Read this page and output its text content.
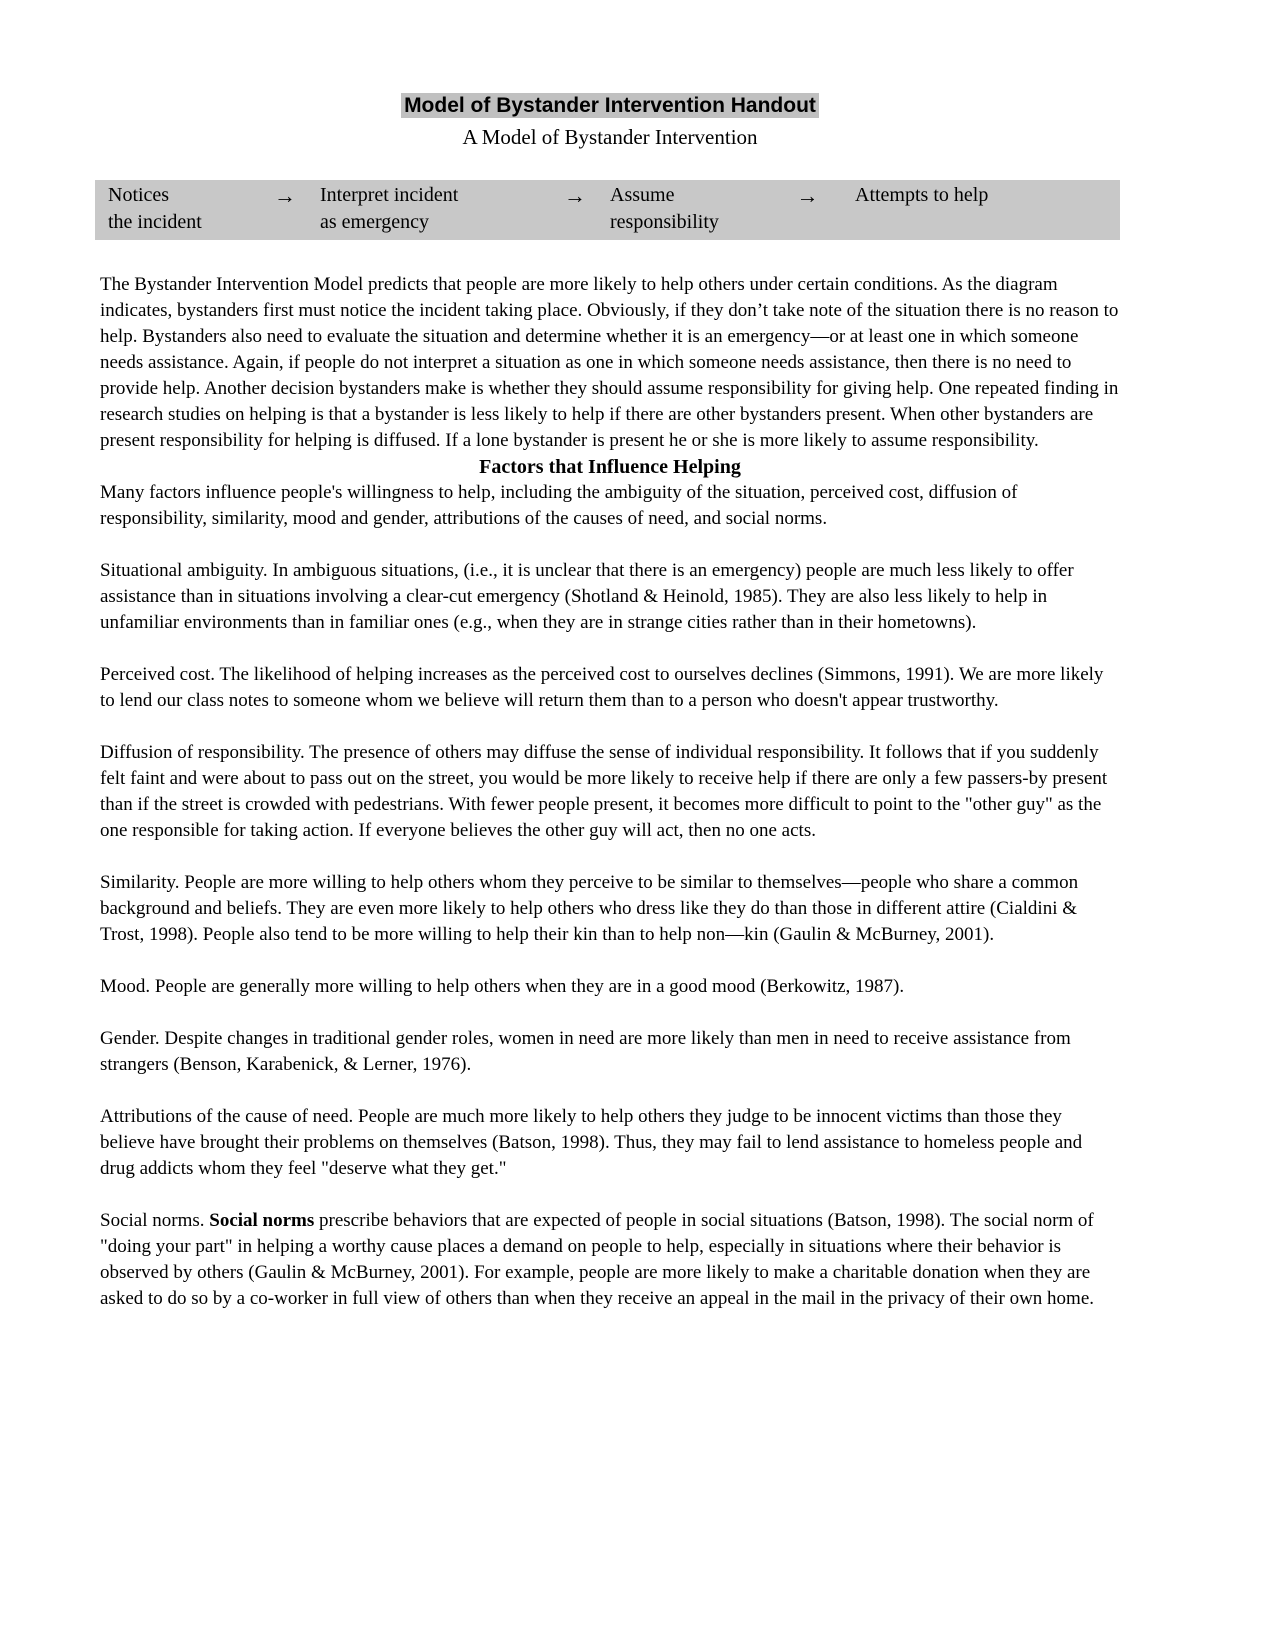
Model of Bystander Intervention Handout
A Model of Bystander Intervention
Notices
the incident
→	Interpret incident
as emergency
→	Assume
responsibility
→	Attempts to help

The Bystander Intervention Model predicts that people are more likely to help others under certain conditions. As the diagram indicates, bystanders first must notice the incident taking place. Obviously, if they don’t take note of the situation there is no reason to help. Bystanders also need to evaluate the situation and determine whether it is an emergency—or at least one in which someone needs assistance. Again, if people do not interpret a situation as one in which someone needs assistance, then there is no need to provide help. Another decision bystanders make is whether they should assume responsibility for giving help. One repeated finding in research studies on helping is that a bystander is less likely to help if there are other bystanders present. When other bystanders are present responsibility for helping is diffused. If a lone bystander is present he or she is more likely to assume responsibility.

Factors that Influence Helping

Many factors influence people's willingness to help, including the ambiguity of the situation, perceived cost, diffusion of responsibility, similarity, mood and gender, attributions of the causes of need, and social norms.

Situational ambiguity. In ambiguous situations, (i.e., it is unclear that there is an emergency) people are much less likely to offer assistance than in situations involving a clear-cut emergency (Shotland & Heinold, 1985). They are also less likely to help in unfamiliar environments than in familiar ones (e.g., when they are in strange cities rather than in their hometowns).

Perceived cost. The likelihood of helping increases as the perceived cost to ourselves declines (Simmons, 1991). We are more likely to lend our class notes to someone whom we believe will return them than to a person who doesn't appear trustworthy.

Diffusion of responsibility. The presence of others may diffuse the sense of individual responsibility. It follows that if you suddenly felt faint and were about to pass out on the street, you would be more likely to receive help if there are only a few passers-by present than if the street is crowded with pedestrians. With fewer people present, it becomes more difficult to point to the "other guy" as the one responsible for taking action. If everyone believes the other guy will act, then no one acts.

Similarity. People are more willing to help others whom they perceive to be similar to themselves—people who share a common background and beliefs. They are even more likely to help others who dress like they do than those in different attire (Cialdini & Trost, 1998). People also tend to be more willing to help their kin than to help non—kin (Gaulin & McBurney, 2001).

Mood. People are generally more willing to help others when they are in a good mood (Berkowitz, 1987).

Gender. Despite changes in traditional gender roles, women in need are more likely than men in need to receive assistance from strangers (Benson, Karabenick, & Lerner, 1976).

Attributions of the cause of need. People are much more likely to help others they judge to be innocent victims than those they believe have brought their problems on themselves (Batson, 1998). Thus, they may fail to lend assistance to homeless people and drug addicts whom they feel "deserve what they get."

Social norms. Social norms prescribe behaviors that are expected of people in social situations (Batson, 1998). The social norm of "doing your part" in helping a worthy cause places a demand on people to help, especially in situations where their behavior is observed by others (Gaulin & McBurney, 2001). For example, people are more likely to make a charitable donation when they are asked to do so by a co-worker in full view of others than when they receive an appeal in the mail in the privacy of their own home.
